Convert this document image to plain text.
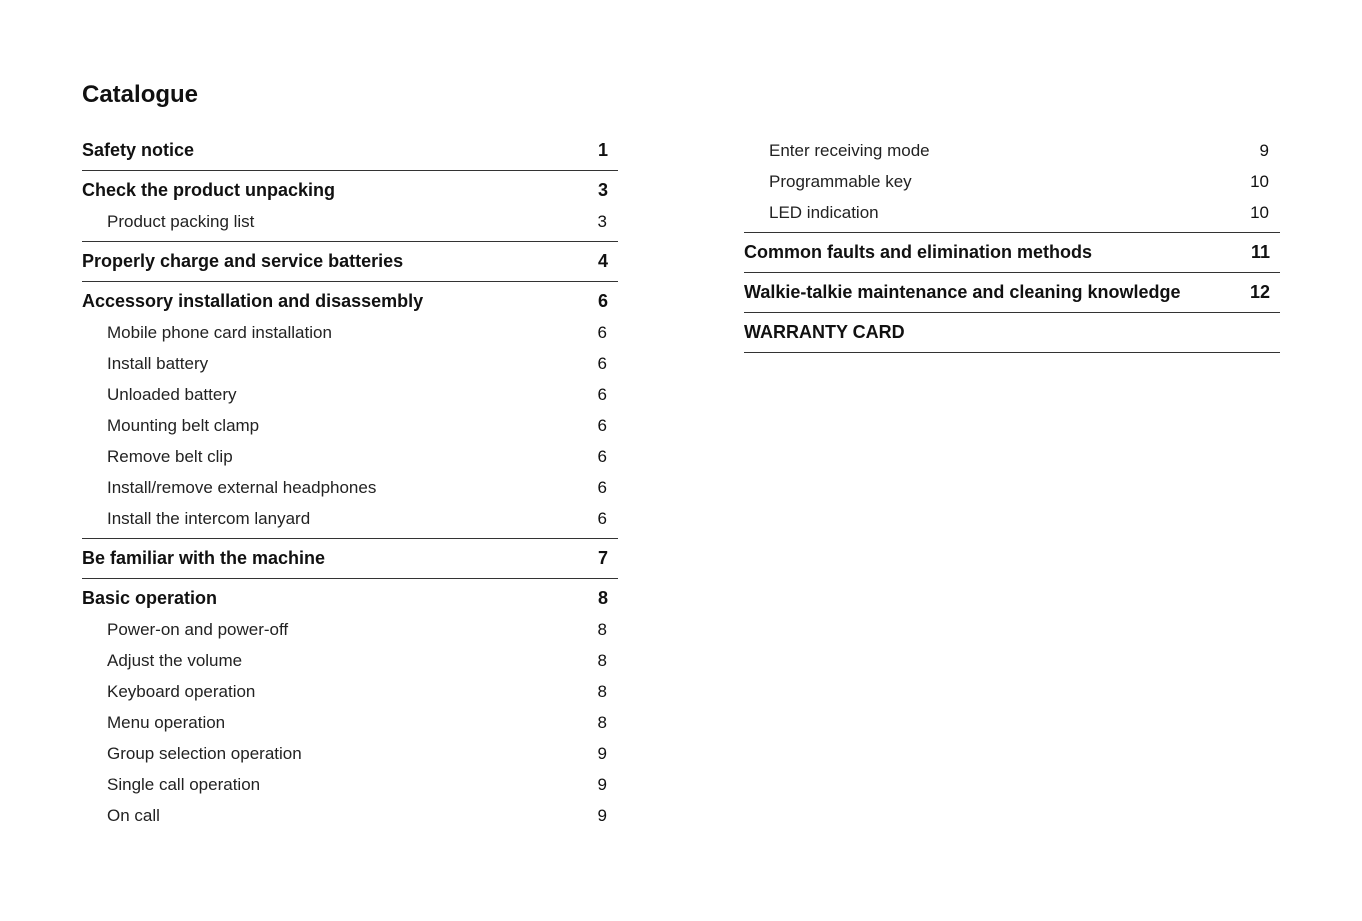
Catalogue
Safety notice	1
Check the product unpacking	3
Product packing list	3
Properly charge and service batteries	4
Accessory installation and disassembly	6
Mobile phone card installation	6
Install battery	6
Unloaded battery	6
Mounting belt clamp	6
Remove belt clip	6
Install/remove external headphones	6
Install the intercom lanyard	6
Be familiar with the machine	7
Basic operation	8
Power-on and power-off	8
Adjust the volume	8
Keyboard operation	8
Menu operation	8
Group selection operation	9
Single call operation	9
On call	9
Enter receiving mode	9
Programmable key	10
LED indication	10
Common faults and elimination methods	11
Walkie-talkie maintenance and cleaning knowledge	12
WARRANTY CARD
